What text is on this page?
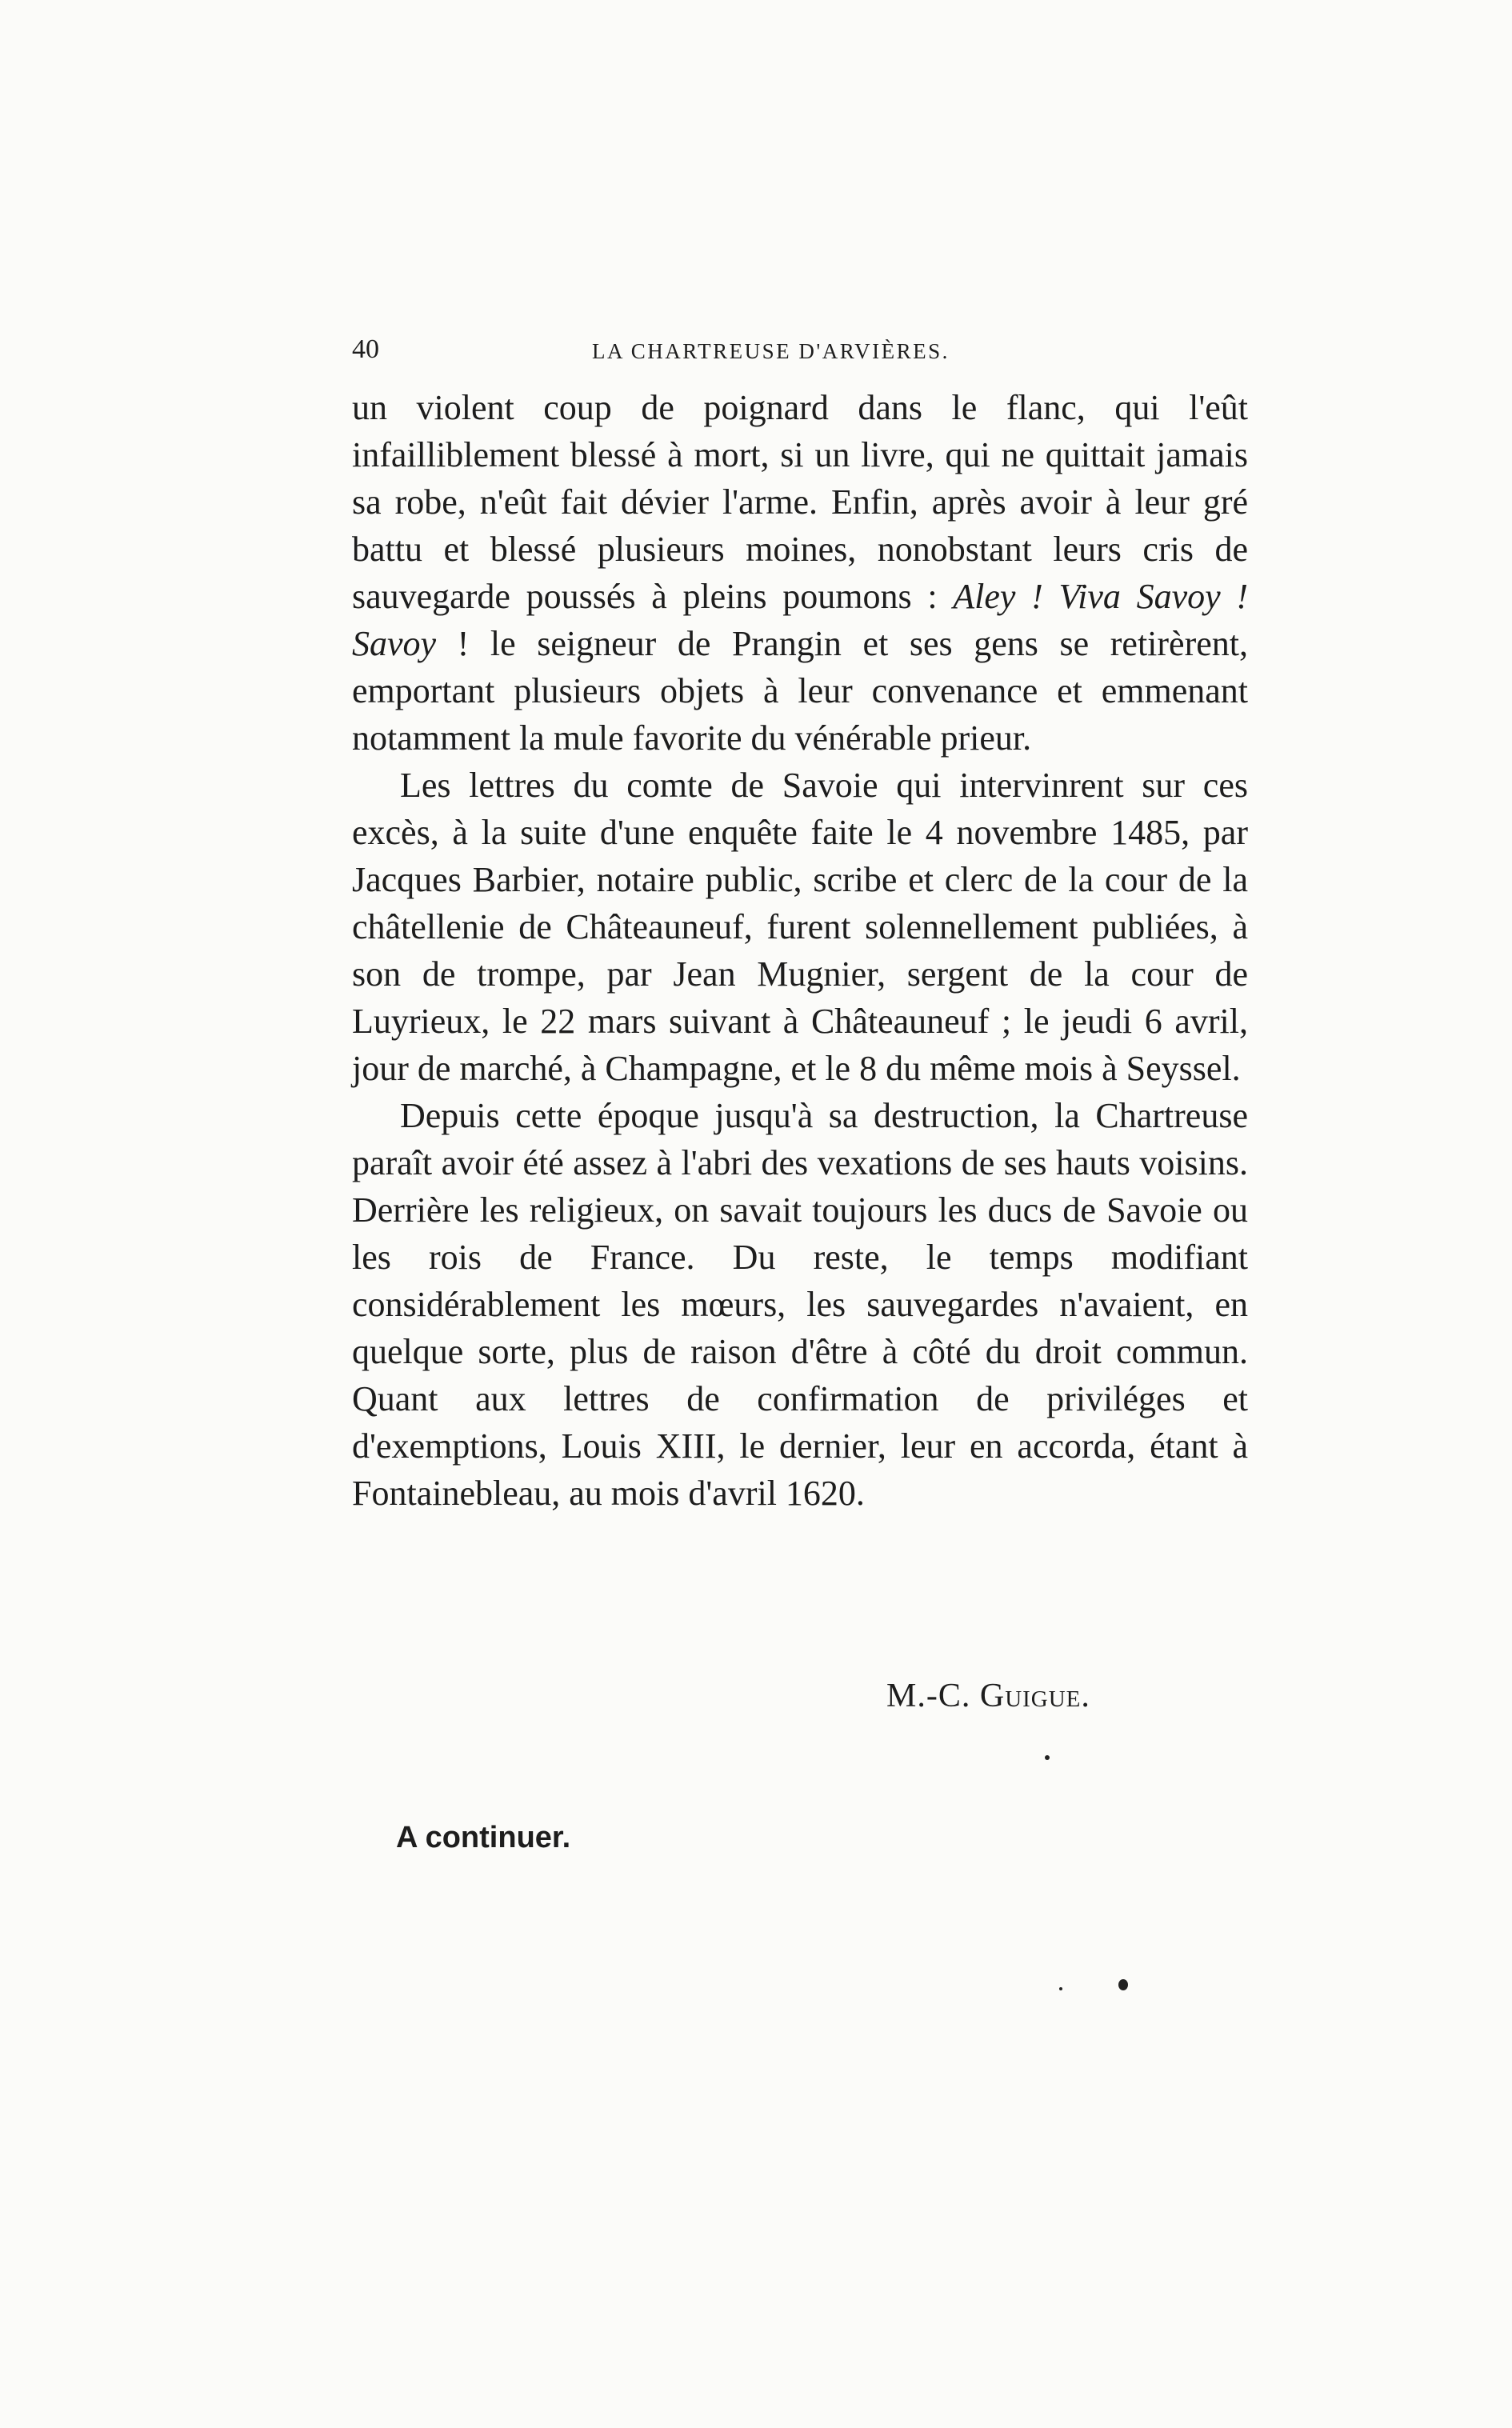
40	LA CHARTREUSE D'ARVIÈRES.

un violent coup de poignard dans le flanc, qui l'eût infailliblement blessé à mort, si un livre, qui ne quittait jamais sa robe, n'eût fait dévier l'arme. Enfin, après avoir à leur gré battu et blessé plusieurs moines, nonobstant leurs cris de sauvegarde poussés à pleins poumons : Aley ! Viva Savoy ! Savoy ! le seigneur de Prangin et ses gens se retirèrent, emportant plusieurs objets à leur convenance et emmenant notamment la mule favorite du vénérable prieur.

Les lettres du comte de Savoie qui intervinrent sur ces excès, à la suite d'une enquête faite le 4 novembre 1485, par Jacques Barbier, notaire public, scribe et clerc de la cour de la châtellenie de Châteauneuf, furent solennellement publiées, à son de trompe, par Jean Mugnier, sergent de la cour de Luyrieux, le 22 mars suivant à Châteauneuf ; le jeudi 6 avril, jour de marché, à Champagne, et le 8 du même mois à Seyssel.

Depuis cette époque jusqu'à sa destruction, la Chartreuse paraît avoir été assez à l'abri des vexations de ses hauts voisins. Derrière les religieux, on savait toujours les ducs de Savoie ou les rois de France. Du reste, le temps modifiant considérablement les mœurs, les sauvegardes n'avaient, en quelque sorte, plus de raison d'être à côté du droit commun. Quant aux lettres de confirmation de priviléges et d'exemptions, Louis XIII, le dernier, leur en accorda, étant à Fontainebleau, au mois d'avril 1620.

M.-C. Guigue.
A continuer.
